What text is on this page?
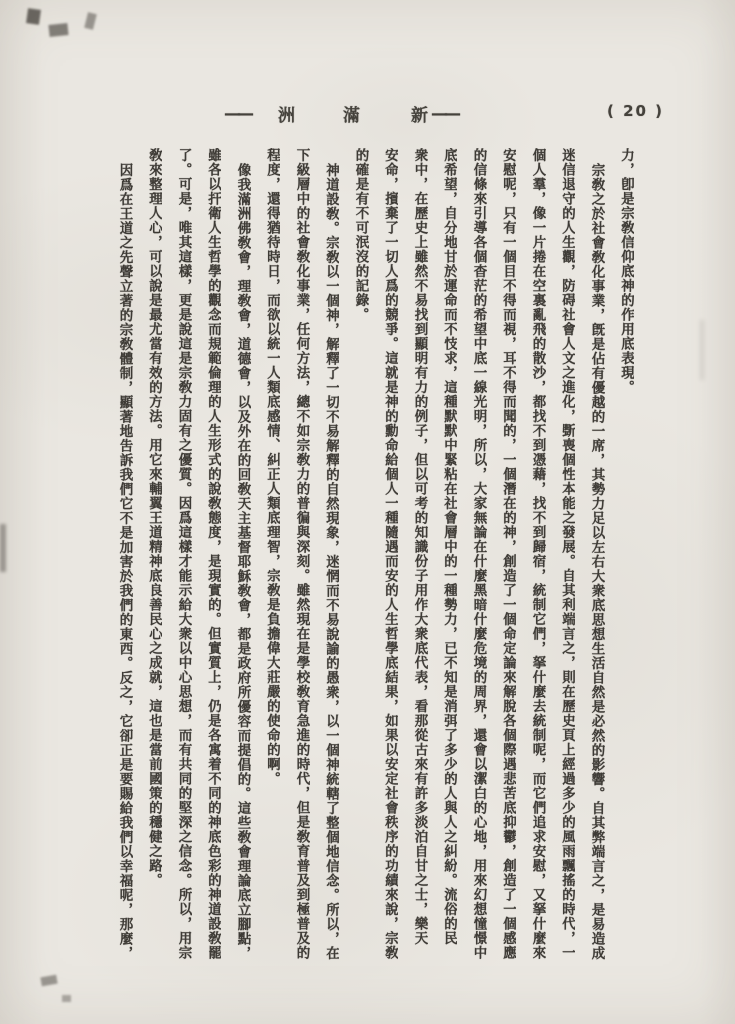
—— 洲	滿	新 ——	( 20 )
力，卽是宗敎信仰底神的作用底表現。
宗敎之於社會敎化事業，旣是佔有優越的一席，其勢力足以左右大衆底思想生活自然是必然的影響。自其弊端言之，是易造成
迷信退守的人生觀，防碍社會人文之進化，斲喪個性本能之發展。自其利端言之，則在歷史頁上經過多少的風雨飄搖的時代，一
個人羣，像一片捲在空裏亂飛的散沙，都找不到憑藉，找不到歸宿，統制它們，拏什麼去統制呢，而它們追求安慰，又拏什麼來
安慰呢，只有一個目不得而視，耳不得而聞的，一個潛在的神，創造了一個命定論來解脫各個際遇悲苦底抑鬱，創造了一個感應
的信條來引導各個杳茫的希望中底一線光明，所以，大家無論在什麼黑暗什麼危境的周界，還會以潔白的心地，用來幻想憧憬中
底希望，自分地甘於運命而不忮求，這種默默中緊粘在社會層中的一種勢力，已不知是消弭了多少的人與人之糾紛。流俗的民
衆中，在歷史上雖然不易找到顯明有力的例子，但以可考的知識份子用作大衆底代表，看那從古來有許多淡泊自甘之士，樂天
安命，擯棄了一切人爲的競爭。這就是神的勳命給個人一種隨遇而安的人生哲學底結果，如果以安定社會秩序的功績來說，宗敎
的確是有不可泯沒的記錄。
神道設敎。宗敎以一個神，解釋了一切不易解釋的自然現象，迷惘而不易說諭的愚衆，以一個神統轄了整個地信念。所以，在
下級層中的社會敎化事業，任何方法，總不如宗敎力的普徧與深刻。雖然現在是學校敎育急進的時代，但是敎育普及到極普及的
程度，還得猶待時日，而欲以統一人類底感情、糾正人類底理智，宗敎是負擔偉大莊嚴的使命的啊。
像我滿洲佛敎會，理敎會，道德會，以及外在的回敎天主基督耶穌敎會，都是政府所優容而提倡的。這些敎會理論底立腳點，
雖各以扞衛人生哲學的觀念而規範倫理的人生形式的說敎態度，是現實的。但實質上，仍是各寓着不同的神底色彩的神道設敎罷
了。可是，唯其這樣，更是說這是宗敎力固有之優質。因爲這樣才能示給大衆以中心思想，而有共同的堅深之信念。所以，用宗
敎來整理人心，可以說是最尤當有效的方法。用它來輔翼王道精神底良善民心之成就，這也是當前國策的穩健之路。
因爲在王道之先聲立著的宗敎體制，顯著地吿訴我們它不是加害於我們的東西。反之，它卻正是要賜給我們以幸福呢，那麼，
